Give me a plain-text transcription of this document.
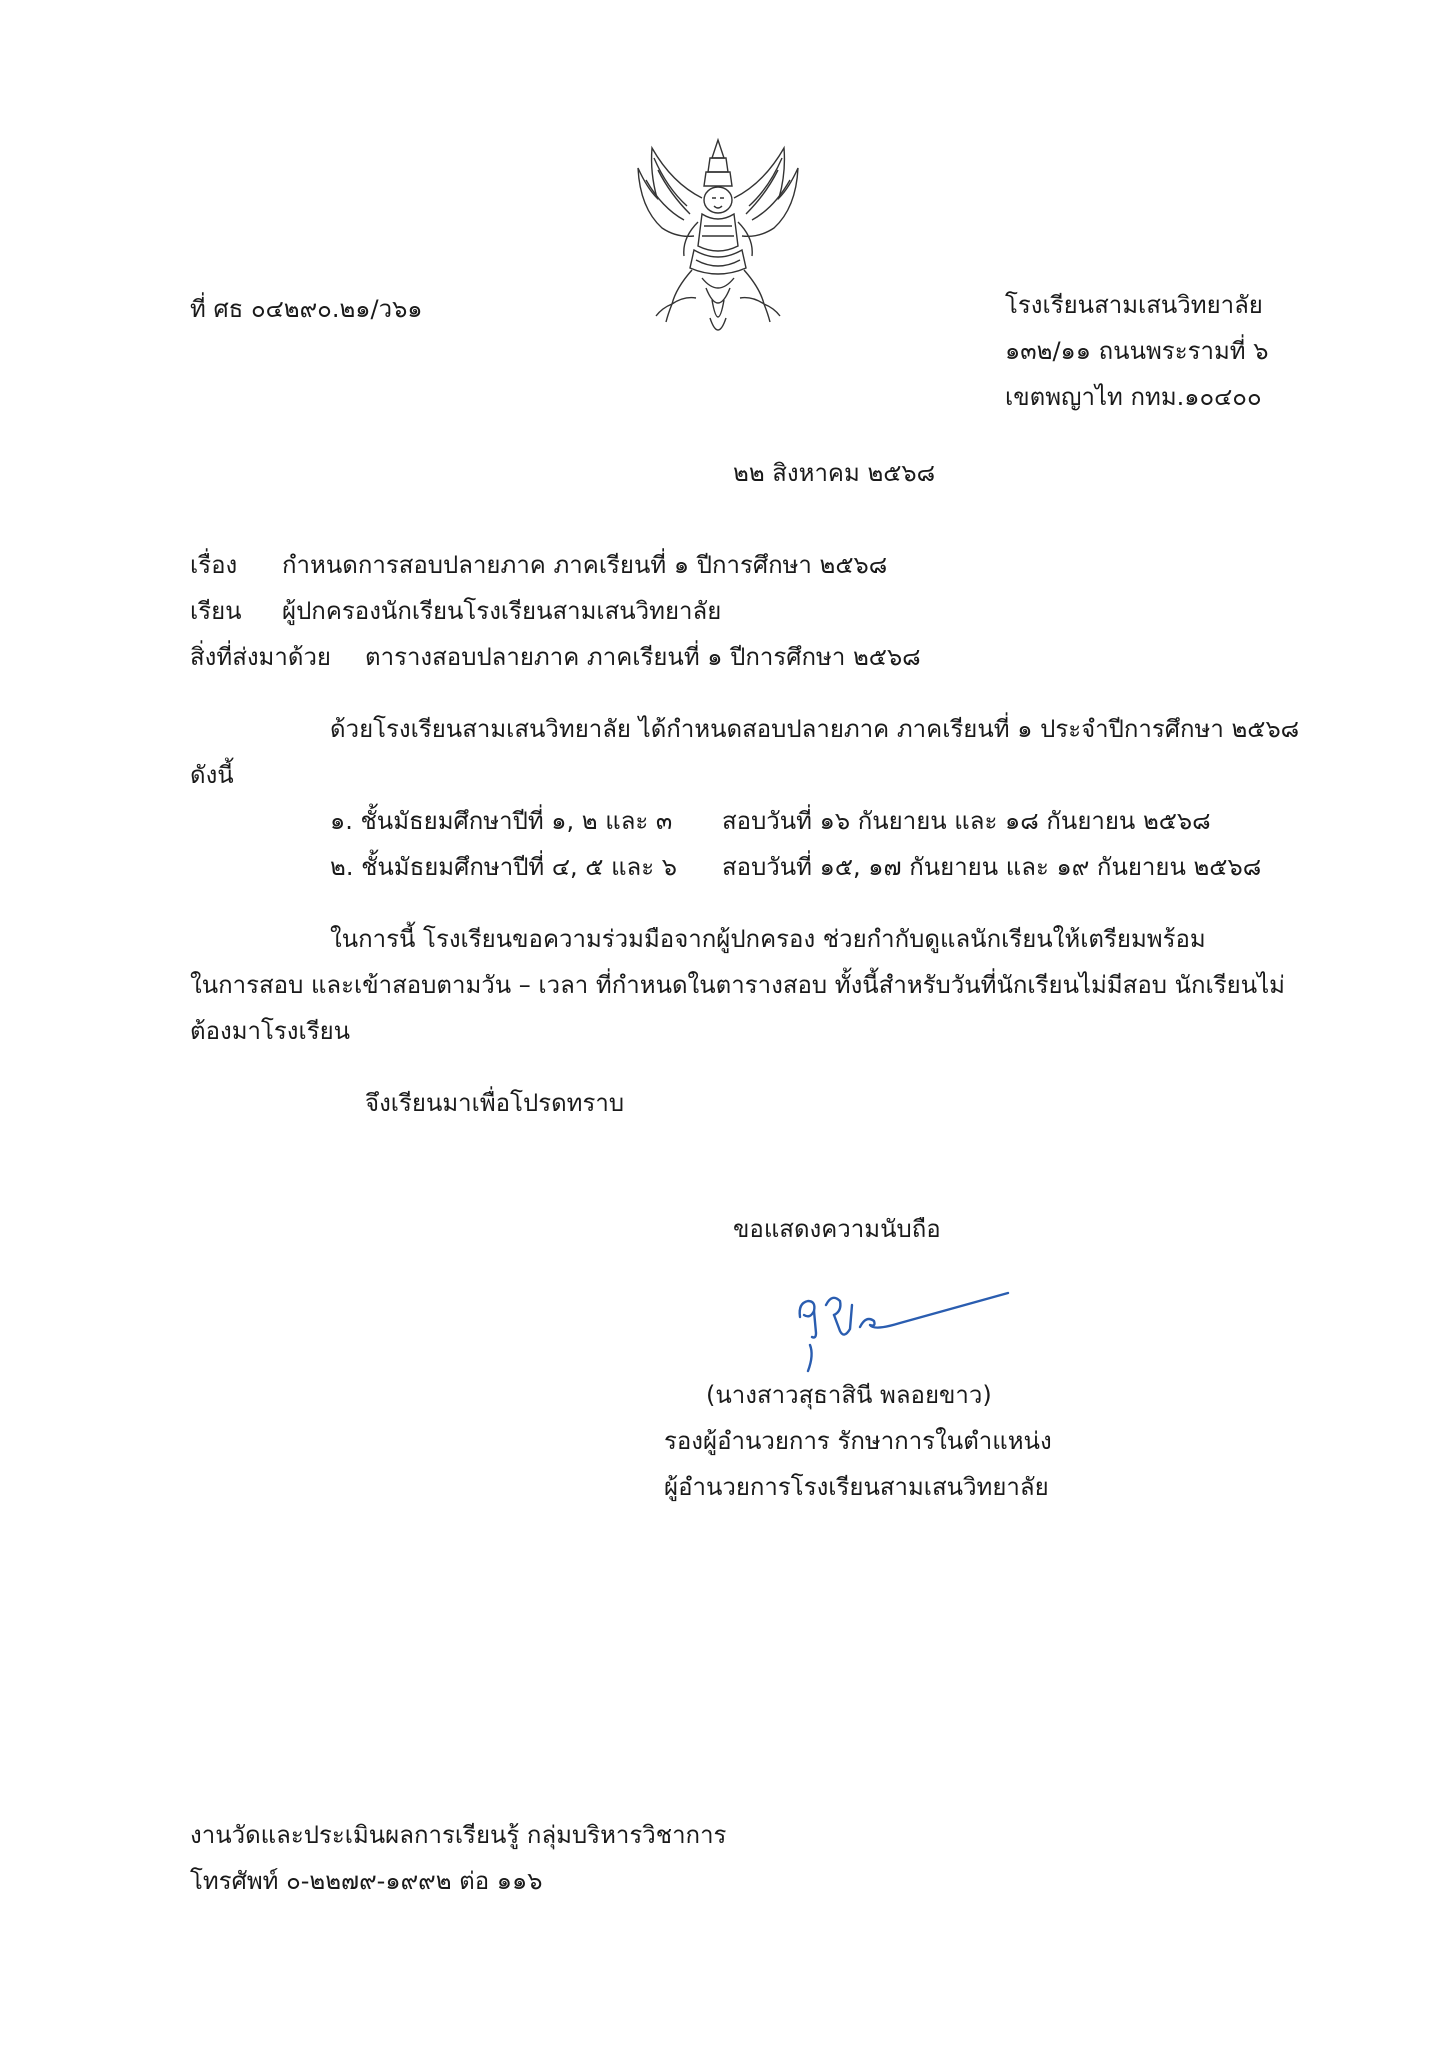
ที่ ศธ ๐๔๒๙๐.๒๑/ว๖๑	โรงเรียนสามเสนวิทยาลัย
๑๓๒/๑๑ ถนนพระรามที่ ๖
เขตพญาไท กทม.๑๐๔๐๐
๒๒ สิงหาคม ๒๕๖๘
เรื่อง กำหนดการสอบปลายภาค ภาคเรียนที่ ๑ ปีการศึกษา ๒๕๖๘
เรียน ผู้ปกครองนักเรียนโรงเรียนสามเสนวิทยาลัย
สิ่งที่ส่งมาด้วย ตารางสอบปลายภาค ภาคเรียนที่ ๑ ปีการศึกษา ๒๕๖๘
ด้วยโรงเรียนสามเสนวิทยาลัย ได้กำหนดสอบปลายภาค ภาคเรียนที่ ๑ ประจำปีการศึกษา ๒๕๖๘
ดังนี้
๑. ชั้นมัธยมศึกษาปีที่ ๑, ๒ และ ๓ สอบวันที่ ๑๖ กันยายน และ ๑๘ กันยายน ๒๕๖๘
๒. ชั้นมัธยมศึกษาปีที่ ๔, ๕ และ ๖ สอบวันที่ ๑๕, ๑๗ กันยายน และ ๑๙ กันยายน ๒๕๖๘
ในการนี้ โรงเรียนขอความร่วมมือจากผู้ปกครอง ช่วยกำกับดูแลนักเรียนให้เตรียมพร้อม
ในการสอบ และเข้าสอบตามวัน – เวลา ที่กำหนดในตารางสอบ ทั้งนี้สำหรับวันที่นักเรียนไม่มีสอบ นักเรียนไม่
ต้องมาโรงเรียน
จึงเรียนมาเพื่อโปรดทราบ
ขอแสดงความนับถือ
(นางสาวสุธาสินี พลอยขาว)
รองผู้อำนวยการ รักษาการในตำแหน่ง
ผู้อำนวยการโรงเรียนสามเสนวิทยาลัย
งานวัดและประเมินผลการเรียนรู้ กลุ่มบริหารวิชาการ
โทรศัพท์ ๐-๒๒๗๙-๑๙๙๒ ต่อ ๑๑๖
